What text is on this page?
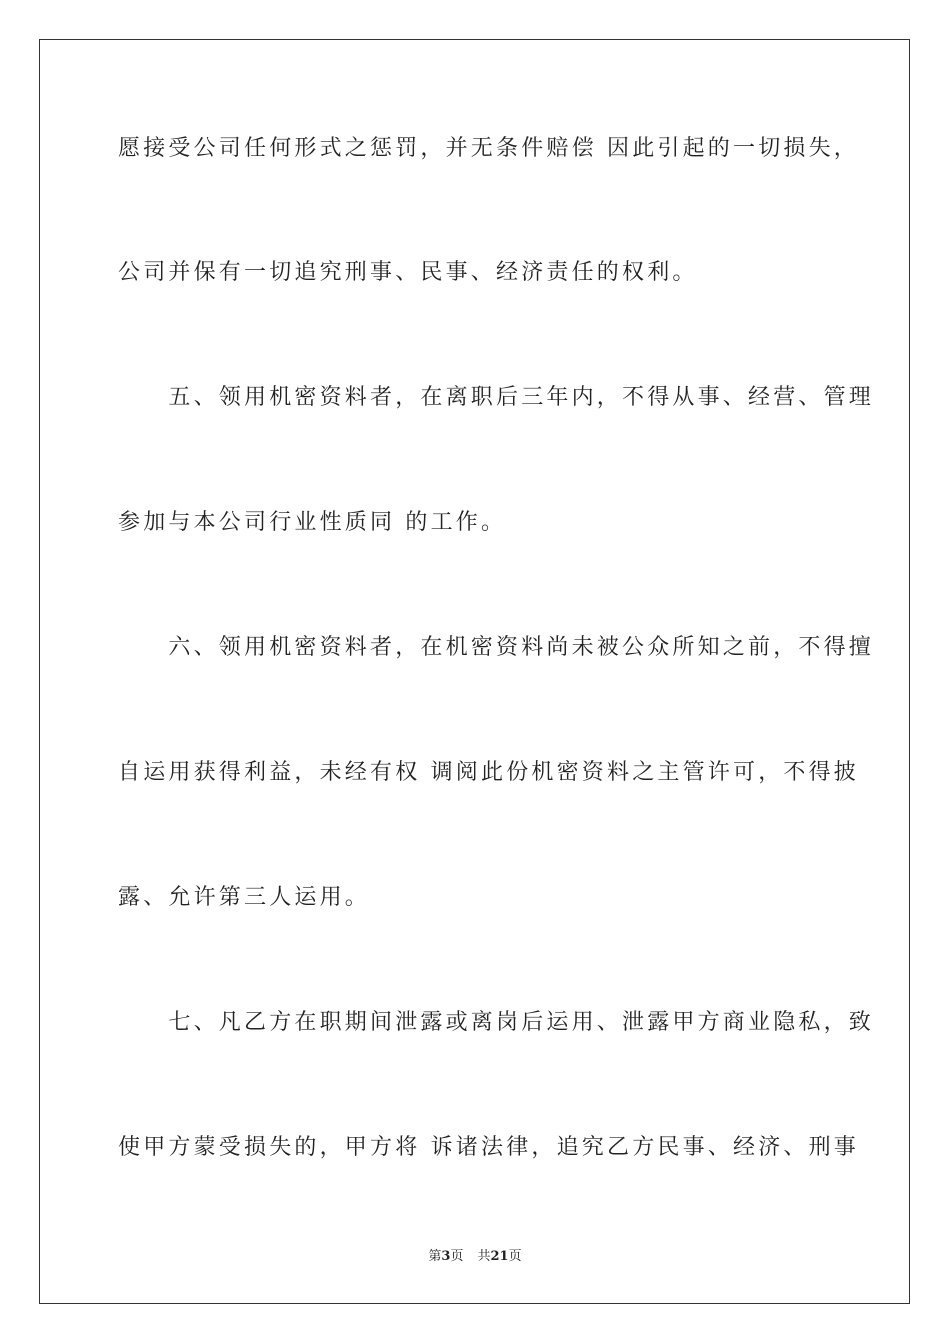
愿接受公司任何形式之惩罚，并无条件赔偿 因此引起的一切损失，
公司并保有一切追究刑事、民事、经济责任的权利。
　　五、领用机密资料者，在离职后三年内，不得从事、经营、管理
参加与本公司行业性质同 的工作。
　　六、领用机密资料者，在机密资料尚未被公众所知之前，不得擅
自运用获得利益，未经有权 调阅此份机密资料之主管许可，不得披
露、允许第三人运用。
　　七、凡乙方在职期间泄露或离岗后运用、泄露甲方商业隐私，致
使甲方蒙受损失的，甲方将 诉诸法律，追究乙方民事、经济、刑事
第3页 共21页
